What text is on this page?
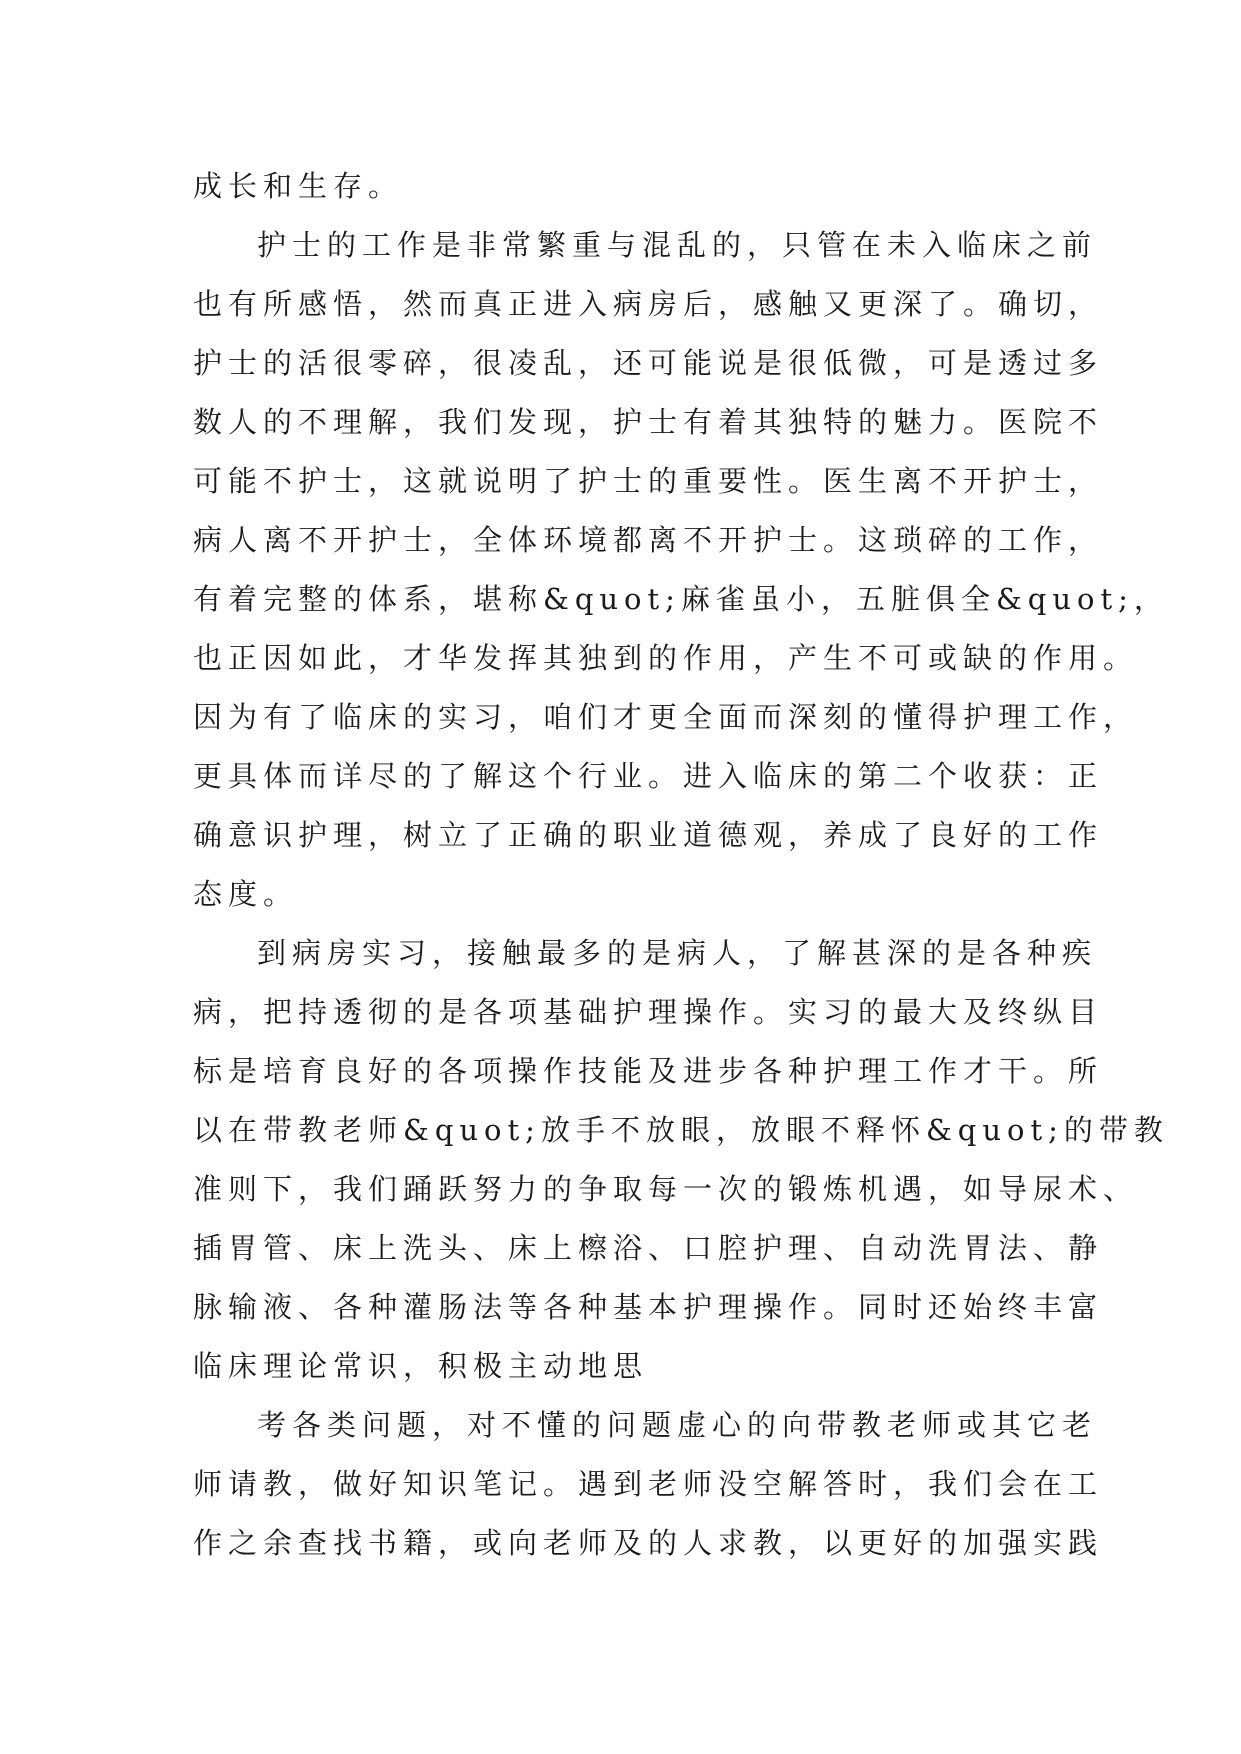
成长和生存。
护士的工作是非常繁重与混乱的，只管在未入临床之前
也有所感悟，然而真正进入病房后，感触又更深了。确切，
护士的活很零碎，很凌乱，还可能说是很低微，可是透过多
数人的不理解，我们发现，护士有着其独特的魅力。医院不
可能不护士，这就说明了护士的重要性。医生离不开护士，
病人离不开护士，全体环境都离不开护士。这琐碎的工作，
有着完整的体系，堪称&quot;麻雀虽小，五脏俱全&quot;，
也正因如此，才华发挥其独到的作用，产生不可或缺的作用。
因为有了临床的实习，咱们才更全面而深刻的懂得护理工作，
更具体而详尽的了解这个行业。进入临床的第二个收获：正
确意识护理，树立了正确的职业道德观，养成了良好的工作
态度。
到病房实习，接触最多的是病人，了解甚深的是各种疾
病，把持透彻的是各项基础护理操作。实习的最大及终纵目
标是培育良好的各项操作技能及进步各种护理工作才干。所
以在带教老师&quot;放手不放眼，放眼不释怀&quot;的带教
准则下，我们踊跃努力的争取每一次的锻炼机遇，如导尿术、
插胃管、床上洗头、床上檫浴、口腔护理、自动洗胃法、静
脉输液、各种灌肠法等各种基本护理操作。同时还始终丰富
临床理论常识，积极主动地思
考各类问题，对不懂的问题虚心的向带教老师或其它老
师请教，做好知识笔记。遇到老师没空解答时，我们会在工
作之余查找书籍，或向老师及的人求教，以更好的加强实践
